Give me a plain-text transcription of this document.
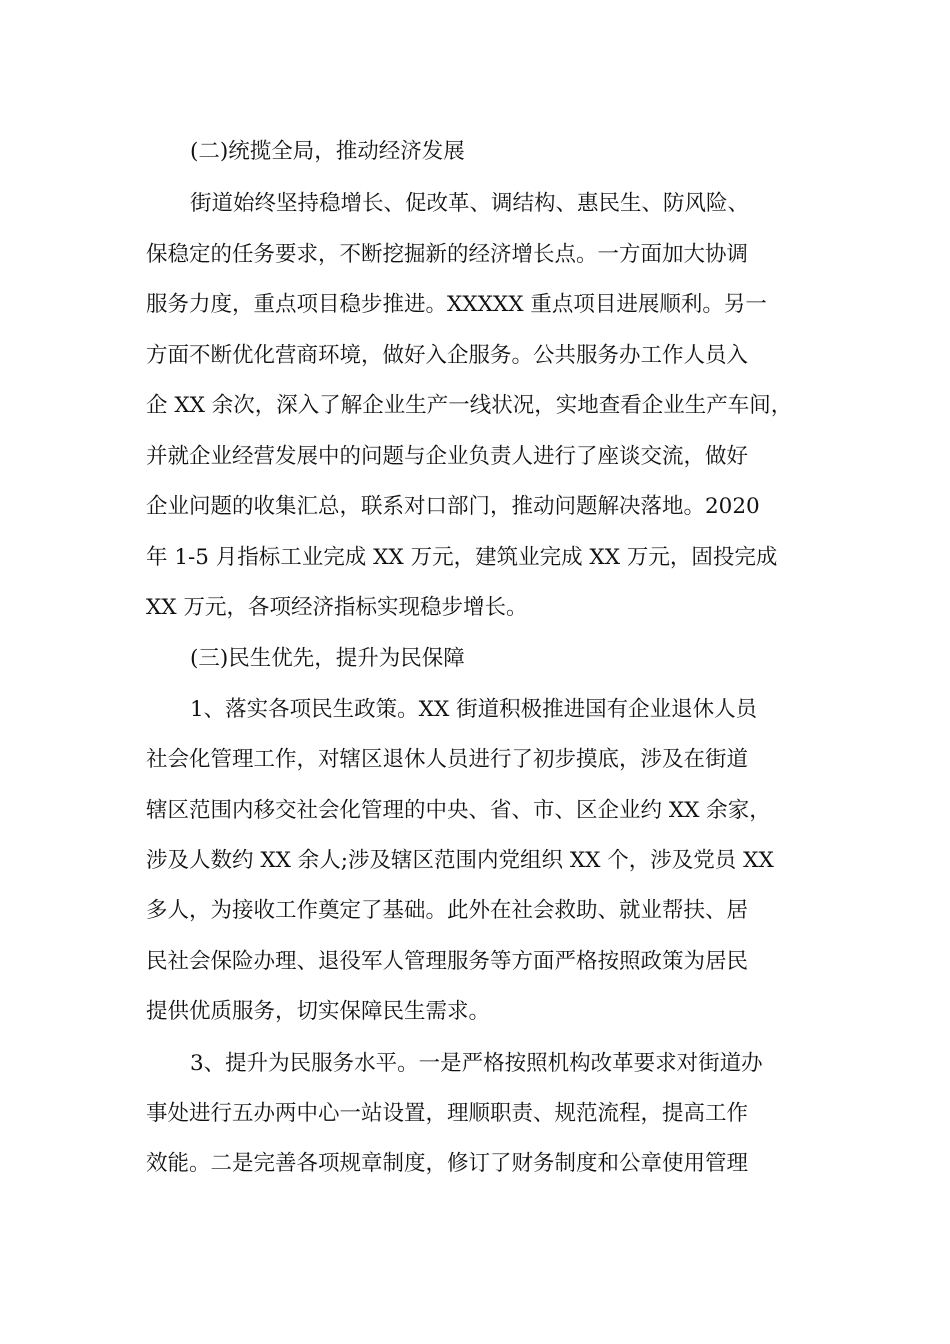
(二)统揽全局，推动经济发展

街道始终坚持稳增长、促改革、调结构、惠民生、防风险、

保稳定的任务要求，不断挖掘新的经济增长点。一方面加大协调

服务力度，重点项目稳步推进。XXXXX 重点项目进展顺利。另一

方面不断优化营商环境，做好入企服务。公共服务办工作人员入

企 XX 余次，深入了解企业生产一线状况，实地查看企业生产车间，

并就企业经营发展中的问题与企业负责人进行了座谈交流，做好

企业问题的收集汇总，联系对口部门，推动问题解决落地。2020

年 1-5 月指标工业完成 XX 万元，建筑业完成 XX 万元，固投完成

XX 万元，各项经济指标实现稳步增长。

(三)民生优先，提升为民保障

1、落实各项民生政策。XX 街道积极推进国有企业退休人员

社会化管理工作，对辖区退休人员进行了初步摸底，涉及在街道

辖区范围内移交社会化管理的中央、省、市、区企业约 XX 余家，

涉及人数约 XX 余人;涉及辖区范围内党组织 XX 个，涉及党员 XX

多人，为接收工作奠定了基础。此外在社会救助、就业帮扶、居

民社会保险办理、退役军人管理服务等方面严格按照政策为居民

提供优质服务，切实保障民生需求。

3、提升为民服务水平。一是严格按照机构改革要求对街道办

事处进行五办两中心一站设置，理顺职责、规范流程，提高工作

效能。二是完善各项规章制度，修订了财务制度和公章使用管理
